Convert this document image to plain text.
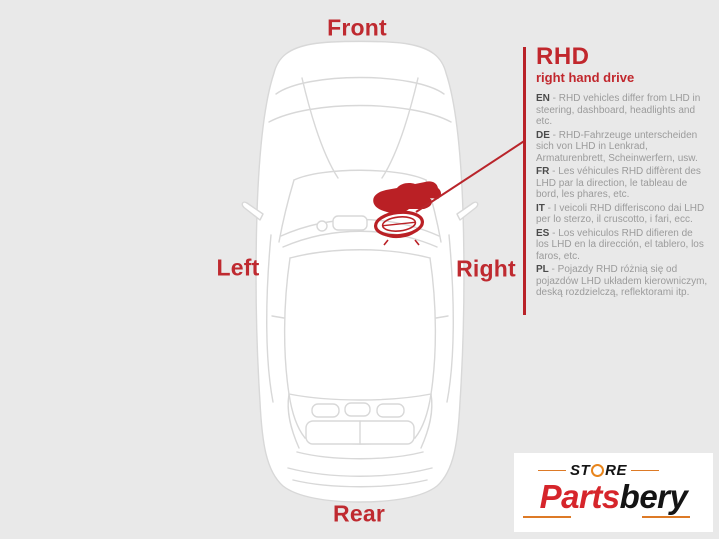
Front
Left	Right
Rear
RHD
right hand drive

EN - RHD vehicles differ from LHD in steering, dashboard, headlights and etc.

DE - RHD-Fahrzeuge unterscheiden sich von LHD in Lenkrad, Armaturenbrett, Scheinwerfern, usw.

FR - Les véhicules RHD diffèrent des LHD par la direction, le tableau de bord, les phares, etc.

IT - I veicoli RHD differiscono dai LHD per lo sterzo, il cruscotto, i fari, ecc.

ES - Los vehiculos RHD difieren de los LHD en la dirección, el tablero, los faros, etc.

PL - Pojazdy RHD różnią się od pojazdów LHD układem kierowniczym, deską rozdzielczą, reflektorami itp.

ST RE
Partsbery
